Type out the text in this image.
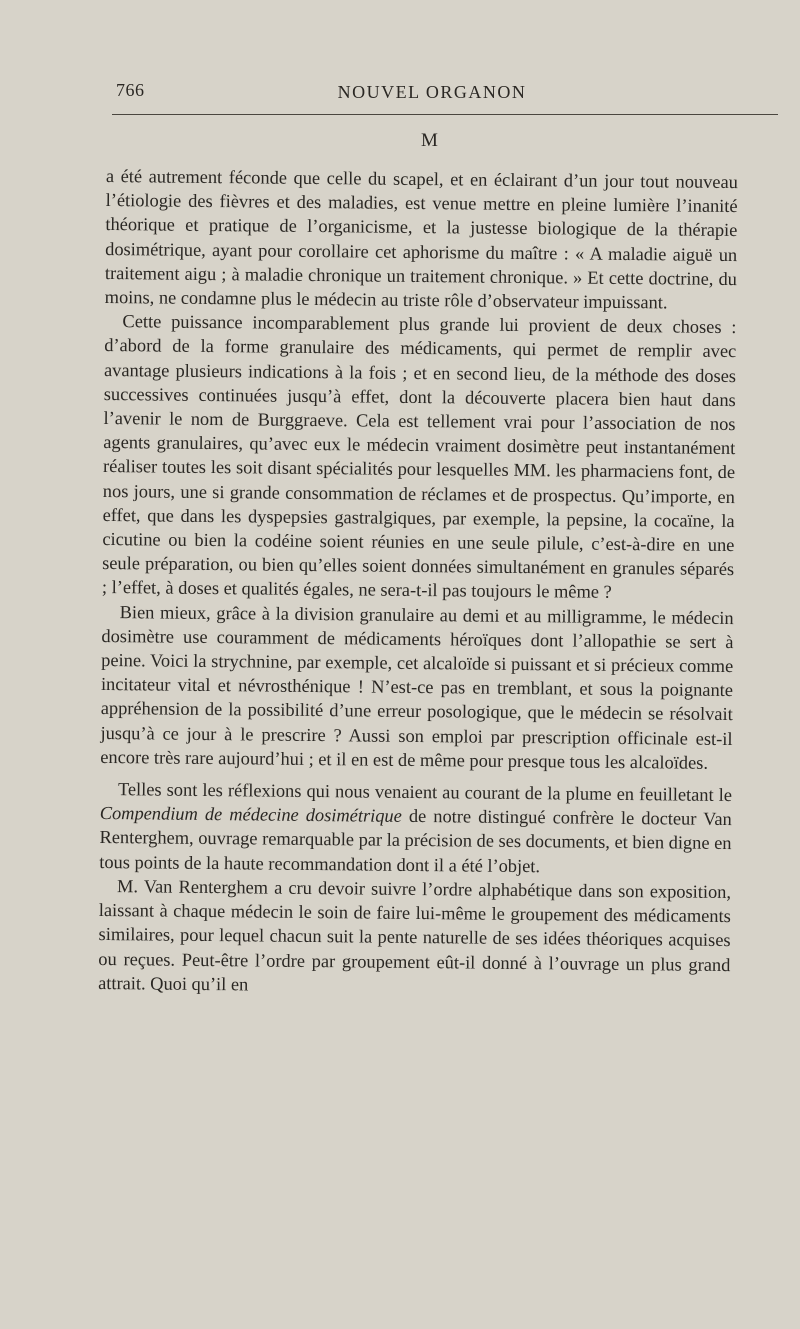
766	NOUVEL ORGANON
M

a été autrement féconde que celle du scapel, et en éclairant d’un jour tout nouveau l’étiologie des fièvres et des maladies, est venue mettre en pleine lumière l’inanité théorique et pratique de l’organicisme, et la justesse biologique de la thérapie dosimétrique, ayant pour corollaire cet aphorisme du maître : « A maladie aiguë un traitement aigu ; à maladie chronique un traitement chronique. » Et cette doctrine, du moins, ne condamne plus le médecin au triste rôle d’observateur impuissant.

Cette puissance incomparablement plus grande lui provient de deux choses : d’abord de la forme granulaire des médicaments, qui permet de remplir avec avantage plusieurs indications à la fois ; et en second lieu, de la méthode des doses successives continuées jusqu’à effet, dont la découverte placera bien haut dans l’avenir le nom de Burggraeve. Cela est tellement vrai pour l’association de nos agents granulaires, qu’avec eux le médecin vraiment dosimètre peut instantanément réaliser toutes les soit disant spécialités pour lesquelles MM. les pharmaciens font, de nos jours, une si grande consommation de réclames et de prospectus. Qu’importe, en effet, que dans les dyspepsies gastralgiques, par exemple, la pepsine, la cocaïne, la cicutine ou bien la codéine soient réunies en une seule pilule, c’est-à-dire en une seule préparation, ou bien qu’elles soient données simultanément en granules séparés ; l’effet, à doses et qualités égales, ne sera-t-il pas toujours le même ?

Bien mieux, grâce à la division granulaire au demi et au milligramme, le médecin dosimètre use couramment de médicaments héroïques dont l’allopathie se sert à peine. Voici la strychnine, par exemple, cet alcaloïde si puissant et si précieux comme incitateur vital et névrosthénique ! N’est-ce pas en tremblant, et sous la poignante appréhension de la possibilité d’une erreur posologique, que le médecin se résolvait jusqu’à ce jour à le prescrire ? Aussi son emploi par prescription officinale est-il encore très rare aujourd’hui ; et il en est de même pour presque tous les alcaloïdes.

Telles sont les réflexions qui nous venaient au courant de la plume en feuilletant le Compendium de médecine dosimétrique de notre distingué confrère le docteur Van Renterghem, ouvrage remarquable par la précision de ses documents, et bien digne en tous points de la haute recommandation dont il a été l’objet.

M. Van Renterghem a cru devoir suivre l’ordre alphabétique dans son exposition, laissant à chaque médecin le soin de faire lui-même le groupement des médicaments similaires, pour lequel chacun suit la pente naturelle de ses idées théoriques acquises ou reçues. Peut-être l’ordre par groupement eût-il donné à l’ouvrage un plus grand attrait. Quoi qu’il en
